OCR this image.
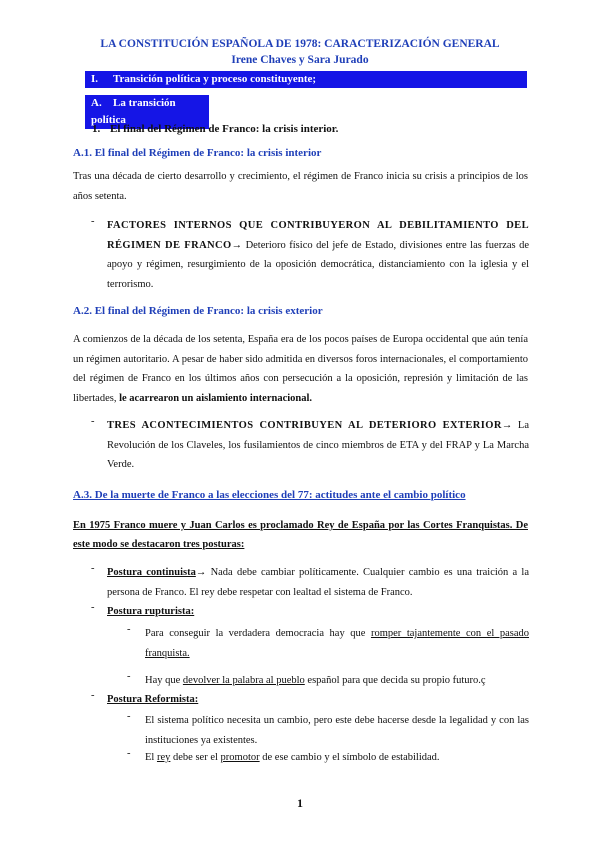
LA CONSTITUCIÓN ESPAÑOLA DE 1978: CARACTERIZACIÓN GENERAL
Irene Chaves y Sara Jurado
I. Transición política y proceso constituyente;
A. La transición política
1. El final del Régimen de Franco: la crisis interior.
A.1. El final del Régimen de Franco: la crisis interior
Tras una década de cierto desarrollo y crecimiento, el régimen de Franco inicia su crisis a principios de los años setenta.
- FACTORES INTERNOS QUE CONTRIBUYERON AL DEBILITAMIENTO DEL RÉGIMEN DE FRANCO→ Deterioro físico del jefe de Estado, divisiones entre las fuerzas de apoyo y régimen, resurgimiento de la oposición democrática, distanciamiento con la iglesia y el terrorismo.
A.2. El final del Régimen de Franco: la crisis exterior
A comienzos de la década de los setenta, España era de los pocos países de Europa occidental que aún tenía un régimen autoritario. A pesar de haber sido admitida en diversos foros internacionales, el comportamiento del régimen de Franco en los últimos años con persecución a la oposición, represión y limitación de las libertades, le acarrearon un aislamiento internacional.
- TRES ACONTECIMIENTOS CONTRIBUYEN AL DETERIORO EXTERIOR→ La Revolución de los Claveles, los fusilamientos de cinco miembros de ETA y del FRAP y La Marcha Verde.
A.3. De la muerte de Franco a las elecciones del 77: actitudes ante el cambio político
En 1975 Franco muere y Juan Carlos es proclamado Rey de España por las Cortes Franquistas. De este modo se destacaron tres posturas:
- Postura continuista→ Nada debe cambiar políticamente. Cualquier cambio es una traición a la persona de Franco. El rey debe respetar con lealtad el sistema de Franco.
- Postura rupturista:
- Para conseguir la verdadera democracia hay que romper tajantemente con el pasado franquista.
- Hay que devolver la palabra al pueblo español para que decida su propio futuro.ç
- Postura Reformista:
- El sistema político necesita un cambio, pero este debe hacerse desde la legalidad y con las instituciones ya existentes.
- El rey debe ser el promotor de ese cambio y el símbolo de estabilidad.
1
